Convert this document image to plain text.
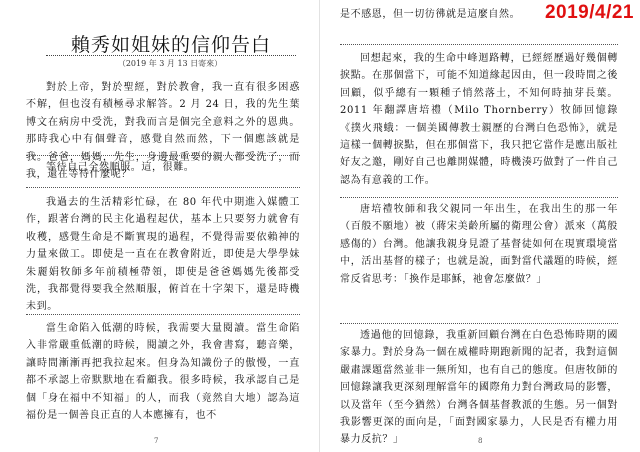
賴秀如姐妹的信仰告白
（2019 年 3 月 13 日寄來）

對於上帝，對於聖經，對於教會，我一直有很多困惑不解，但也沒有積極尋求解答。2 月 24 日，我的先生葉博文在病房中受洗，對我而言是個完全意料之外的恩典。那時我心中有個聲音，感覺自然而然，下一個應該就是我。爸爸，媽媽，先生，身邊最重要的親人都受洗了，而我，還在等待什麼呢？

等待自己全然順服。這，很難。

我過去的生活精彩忙碌，在 80 年代中期進入媒體工作，跟著台灣的民主化過程起伏，基本上只要努力就會有收穫，感覺生命是不斷實現的過程，不覺得需要依賴神的力量來做工。即使是一直在在教會附近，即使是大學學妹朱麗娟牧師多年前積極帶領，即使是爸爸媽媽先後都受洗，我都覺得要我全然順服，俯首在十字架下，還是時機未到。

當生命陷入低潮的時候，我需要大量閱讀。當生命陷入非常嚴重低潮的時候，閱讀之外，我會書寫，聽音樂，讓時間漸漸再把我拉起來。但身為知識份子的傲慢，一直都不承認上帝默默地在看顧我。很多時候，我承認自己是個「身在福中不知福」的人，而我（竟然自大地）認為這福份是一個善良正直的人本應擁有，也不

7

是不感恩，但一切彷彿就是這麼自然。

回想起來，我的生命中峰迴路轉，已經經歷過好幾個轉捩點。在那個當下，可能不知道緣起因由，但一段時間之後回顧，似乎總有一顆種子悄然落土，不知何時抽芽長葉。2011 年翻譯唐培禮（Milo Thornberry）牧師回憶錄《撲火飛蛾：一個美國傳教士親歷的台灣白色恐怖》，就是這樣一個轉捩點，但在那個當下，我只把它當作是應出版社好友之邀，剛好自己也離開媒體，時機湊巧做對了一件自己認為有意義的工作。

唐培禮牧師和我父親同一年出生，在我出生的那一年（百般不願地）被（蔣宋美齡所屬的衛理公會）派來（萬般感傷的）台灣。他讓我親身見證了基督徒如何在現實環境當中，活出基督的樣子；也就是說，面對當代議題的時候，經常反省思考：「換作是耶穌，祂會怎麼做？」

透過他的回憶錄，我重新回顧台灣在白色恐怖時期的國家暴力。對於身為一個在威權時期跑新聞的記者，我對這個嚴肅課題當然並非一無所知，也有自己的態度。但唐牧師的回憶錄讓我更深刻理解當年的國際角力對台灣政局的影響，以及當年（至今猶然）台灣各個基督教派的生態。另一個對我影響更深的面向是，「面對國家暴力，人民是否有權力用暴力反抗？」	8
2019/4/21
